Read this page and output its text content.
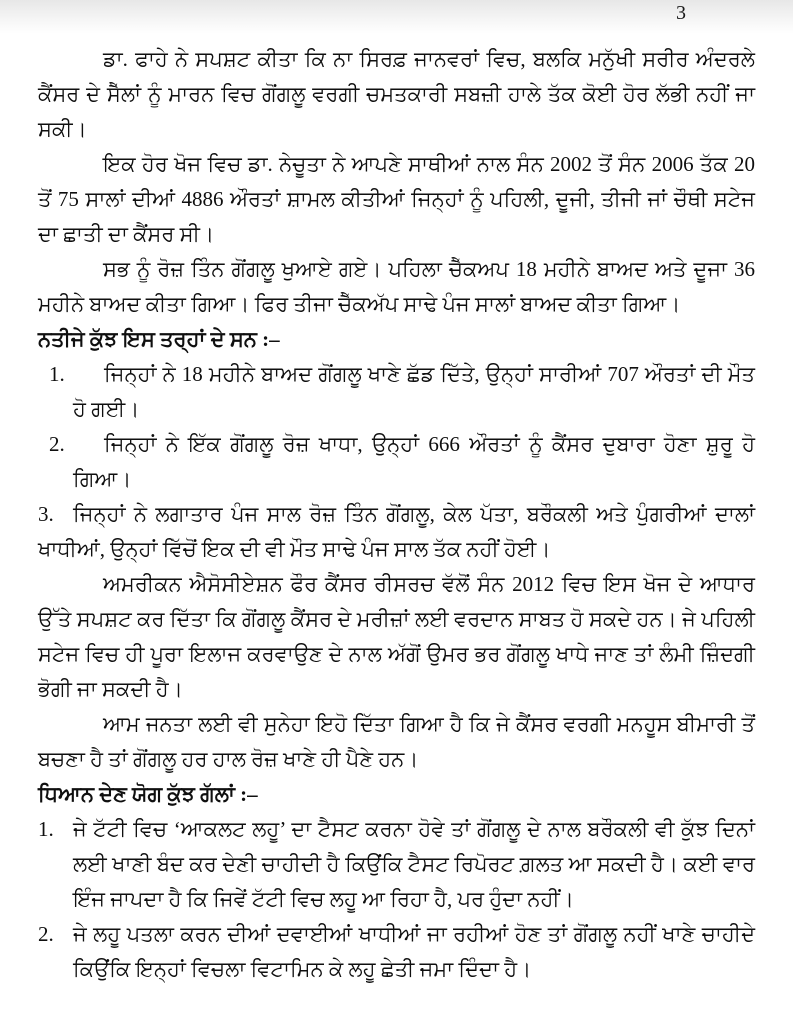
3

ਡਾ. ਫਾਹੇ ਨੇ ਸਪਸ਼ਟ ਕੀਤਾ ਕਿ ਨਾ ਸਿਰਫ਼ ਜਾਨਵਰਾਂ ਵਿਚ, ਬਲਕਿ ਮਨੁੱਖੀ ਸਰੀਰ ਅੰਦਰਲੇ ਕੈਂਸਰ ਦੇ ਸੈੱਲਾਂ ਨੂੰ ਮਾਰਨ ਵਿਚ ਗੋਂਗਲੂ ਵਰਗੀ ਚਮਤਕਾਰੀ ਸਬਜ਼ੀ ਹਾਲੇ ਤੱਕ ਕੋਈ ਹੋਰ ਲੱਭੀ ਨਹੀਂ ਜਾ ਸਕੀ।

ਇਕ ਹੋਰ ਖੋਜ ਵਿਚ ਡਾ. ਨੇਚੂਤਾ ਨੇ ਆਪਣੇ ਸਾਥੀਆਂ ਨਾਲ ਸੰਨ 2002 ਤੋਂ ਸੰਨ 2006 ਤੱਕ 20 ਤੋਂ 75 ਸਾਲਾਂ ਦੀਆਂ 4886 ਔਰਤਾਂ ਸ਼ਾਮਲ ਕੀਤੀਆਂ ਜਿਨ੍ਹਾਂ ਨੂੰ ਪਹਿਲੀ, ਦੂਜੀ, ਤੀਜੀ ਜਾਂ ਚੌਥੀ ਸਟੇਜ ਦਾ ਛਾਤੀ ਦਾ ਕੈਂਸਰ ਸੀ।

ਸਭ ਨੂੰ ਰੋਜ਼ ਤਿੰਨ ਗੋਂਗਲੂ ਖੁਆਏ ਗਏ। ਪਹਿਲਾ ਚੈੱਕਅਪ 18 ਮਹੀਨੇ ਬਾਅਦ ਅਤੇ ਦੂਜਾ 36 ਮਹੀਨੇ ਬਾਅਦ ਕੀਤਾ ਗਿਆ। ਫਿਰ ਤੀਜਾ ਚੈੱਕਅੱਪ ਸਾਢੇ ਪੰਜ ਸਾਲਾਂ ਬਾਅਦ ਕੀਤਾ ਗਿਆ।

ਨਤੀਜੇ ਕੁੱਝ ਇਸ ਤਰ੍ਹਾਂ ਦੇ ਸਨ :–
1. ਜਿਨ੍ਹਾਂ ਨੇ 18 ਮਹੀਨੇ ਬਾਅਦ ਗੋਂਗਲੂ ਖਾਣੇ ਛੱਡ ਦਿੱਤੇ, ਉਨ੍ਹਾਂ ਸਾਰੀਆਂ 707 ਔਰਤਾਂ ਦੀ ਮੌਤ ਹੋ ਗਈ।
2. ਜਿਨ੍ਹਾਂ ਨੇ ਇੱਕ ਗੋਂਗਲੂ ਰੋਜ਼ ਖਾਧਾ, ਉਨ੍ਹਾਂ 666 ਔਰਤਾਂ ਨੂੰ ਕੈਂਸਰ ਦੁਬਾਰਾ ਹੋਣਾ ਸ਼ੁਰੂ ਹੋ ਗਿਆ।
3. ਜਿਨ੍ਹਾਂ ਨੇ ਲਗਾਤਾਰ ਪੰਜ ਸਾਲ ਰੋਜ਼ ਤਿੰਨ ਗੋਂਗਲੂ, ਕੇਲ ਪੱਤਾ, ਬਰੌਕਲੀ ਅਤੇ ਪੁੰਗਰੀਆਂ ਦਾਲਾਂ ਖਾਧੀਆਂ, ਉਨ੍ਹਾਂ ਵਿੱਚੋਂ ਇਕ ਦੀ ਵੀ ਮੌਤ ਸਾਢੇ ਪੰਜ ਸਾਲ ਤੱਕ ਨਹੀਂ ਹੋਈ।

ਅਮਰੀਕਨ ਐਸੋਸੀਏਸ਼ਨ ਫੌਰ ਕੈਂਸਰ ਰੀਸਰਚ ਵੱਲੋਂ ਸੰਨ 2012 ਵਿਚ ਇਸ ਖੋਜ ਦੇ ਆਧਾਰ ਉੱਤੇ ਸਪਸ਼ਟ ਕਰ ਦਿੱਤਾ ਕਿ ਗੋਂਗਲੂ ਕੈਂਸਰ ਦੇ ਮਰੀਜ਼ਾਂ ਲਈ ਵਰਦਾਨ ਸਾਬਤ ਹੋ ਸਕਦੇ ਹਨ। ਜੇ ਪਹਿਲੀ ਸਟੇਜ ਵਿਚ ਹੀ ਪੂਰਾ ਇਲਾਜ ਕਰਵਾਉਣ ਦੇ ਨਾਲ ਅੱਗੋਂ ਉਮਰ ਭਰ ਗੋਂਗਲੂ ਖਾਧੇ ਜਾਣ ਤਾਂ ਲੰਮੀ ਜ਼ਿੰਦਗੀ ਭੋਗੀ ਜਾ ਸਕਦੀ ਹੈ।

ਆਮ ਜਨਤਾ ਲਈ ਵੀ ਸੁਨੇਹਾ ਇਹੋ ਦਿੱਤਾ ਗਿਆ ਹੈ ਕਿ ਜੇ ਕੈਂਸਰ ਵਰਗੀ ਮਨਹੂਸ ਬੀਮਾਰੀ ਤੋਂ ਬਚਣਾ ਹੈ ਤਾਂ ਗੋਂਗਲੂ ਹਰ ਹਾਲ ਰੋਜ਼ ਖਾਣੇ ਹੀ ਪੈਣੇ ਹਨ।

ਧਿਆਨ ਦੇਣ ਯੋਗ ਕੁੱਝ ਗੱਲਾਂ :–
1. ਜੇ ਟੱਟੀ ਵਿਚ ‘ਆਕਲਟ ਲਹੂ’ ਦਾ ਟੈਸਟ ਕਰਨਾ ਹੋਵੇ ਤਾਂ ਗੋਂਗਲੂ ਦੇ ਨਾਲ ਬਰੌਕਲੀ ਵੀ ਕੁੱਝ ਦਿਨਾਂ ਲਈ ਖਾਣੀ ਬੰਦ ਕਰ ਦੇਣੀ ਚਾਹੀਦੀ ਹੈ ਕਿਉਂਕਿ ਟੈਸਟ ਰਿਪੋਰਟ ਗ਼ਲਤ ਆ ਸਕਦੀ ਹੈ। ਕਈ ਵਾਰ ਇੰਜ ਜਾਪਦਾ ਹੈ ਕਿ ਜਿਵੇਂ ਟੱਟੀ ਵਿਚ ਲਹੂ ਆ ਰਿਹਾ ਹੈ, ਪਰ ਹੁੰਦਾ ਨਹੀਂ।
2. ਜੇ ਲਹੂ ਪਤਲਾ ਕਰਨ ਦੀਆਂ ਦਵਾਈਆਂ ਖਾਧੀਆਂ ਜਾ ਰਹੀਆਂ ਹੋਣ ਤਾਂ ਗੋਂਗਲੂ ਨਹੀਂ ਖਾਣੇ ਚਾਹੀਦੇ ਕਿਉਂਕਿ ਇਨ੍ਹਾਂ ਵਿਚਲਾ ਵਿਟਾਮਿਨ ਕੇ ਲਹੂ ਛੇਤੀ ਜਮਾ ਦਿੰਦਾ ਹੈ।
